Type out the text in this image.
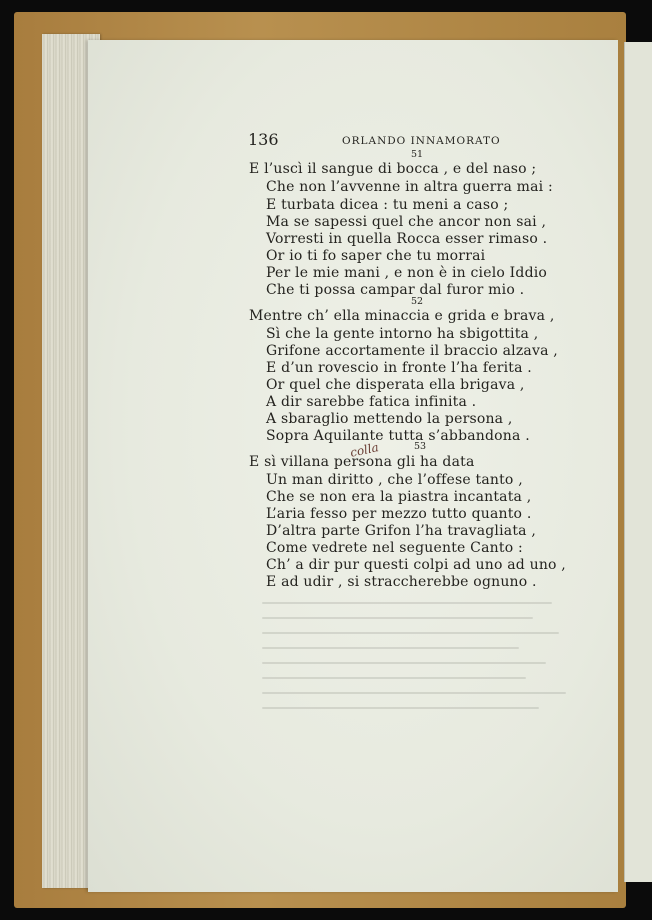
136	ORLANDO INNAMORATO
51
E l’uscì il sangue di bocca , e del naso ;
Che non l’avvenne in altra guerra mai :
E turbata dicea : tu meni a caso ;
Ma se sapessi quel che ancor non sai ,
Vorresti in quella Rocca esser rimaso .
Or io ti fo saper che tu morrai
Per le mie mani , e non è in cielo Iddio
Che ti possa campar dal furor mio .
52
Mentre ch’ ella minaccia e grida e brava ,
Sì che la gente intorno ha sbigottita ,
Grifone accortamente il braccio alzava ,
E d’un rovescio in fronte l’ha ferita .
Or quel che disperata ella brigava ,
A dir sarebbe fatica infinita .
A sbaraglio mettendo la persona ,
Sopra Aquilante tutta s’abbandona .
colla	53
E sì villana persona gli ha data
Un man diritto , che l’offese tanto ,
Che se non era la piastra incantata ,
L’aria fesso per mezzo tutto quanto .
D’altra parte Grifon l’ha travagliata ,
Come vedrete nel seguente Canto :
Ch’ a dir pur questi colpi ad uno ad uno ,
E ad udir , si straccherebbe ognuno .
